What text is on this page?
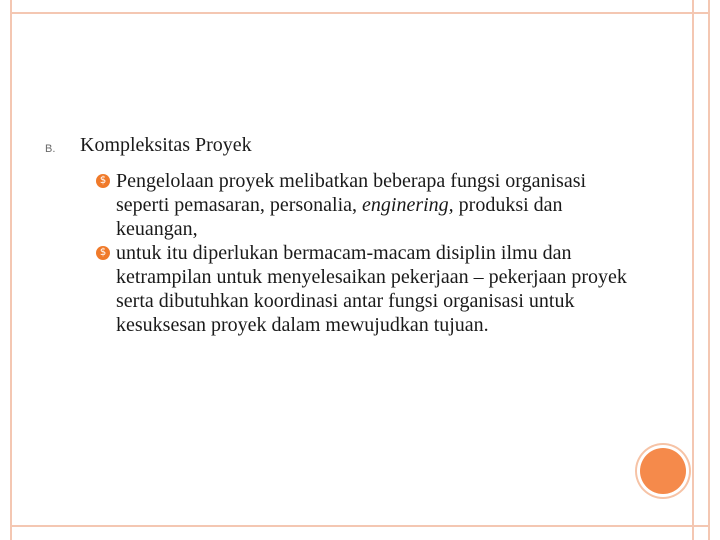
B. Kompleksitas Proyek
$ Pengelolaan proyek melibatkan beberapa fungsi organisasi seperti pemasaran, personalia, enginering, produksi dan keuangan,
$ untuk itu diperlukan bermacam-macam disiplin ilmu dan ketrampilan untuk menyelesaikan pekerjaan – pekerjaan proyek serta dibutuhkan koordinasi antar fungsi organisasi untuk kesuksesan proyek dalam mewujudkan tujuan.
